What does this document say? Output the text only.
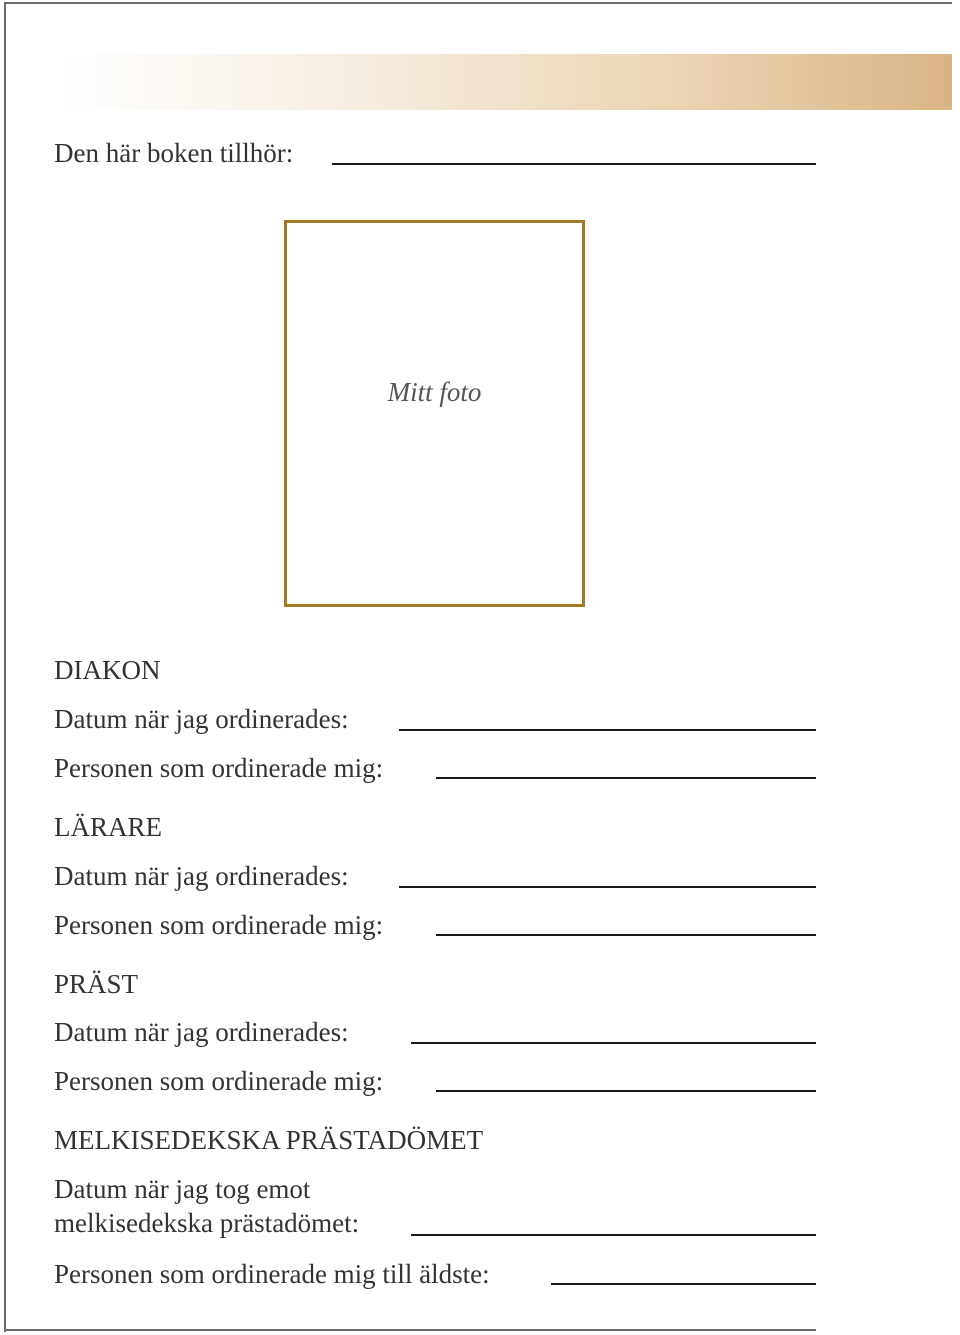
Den här boken tillhör:
Mitt foto
DIAKON
Datum när jag ordinerades:
Personen som ordinerade mig:
LÄRARE
Datum när jag ordinerades:
Personen som ordinerade mig:
PRÄST
Datum när jag ordinerades:
Personen som ordinerade mig:
MELKISEDEKSKA PRÄSTADÖMET
Datum när jag tog emot
melkisedekska prästadömet:
Personen som ordinerade mig till äldste:
